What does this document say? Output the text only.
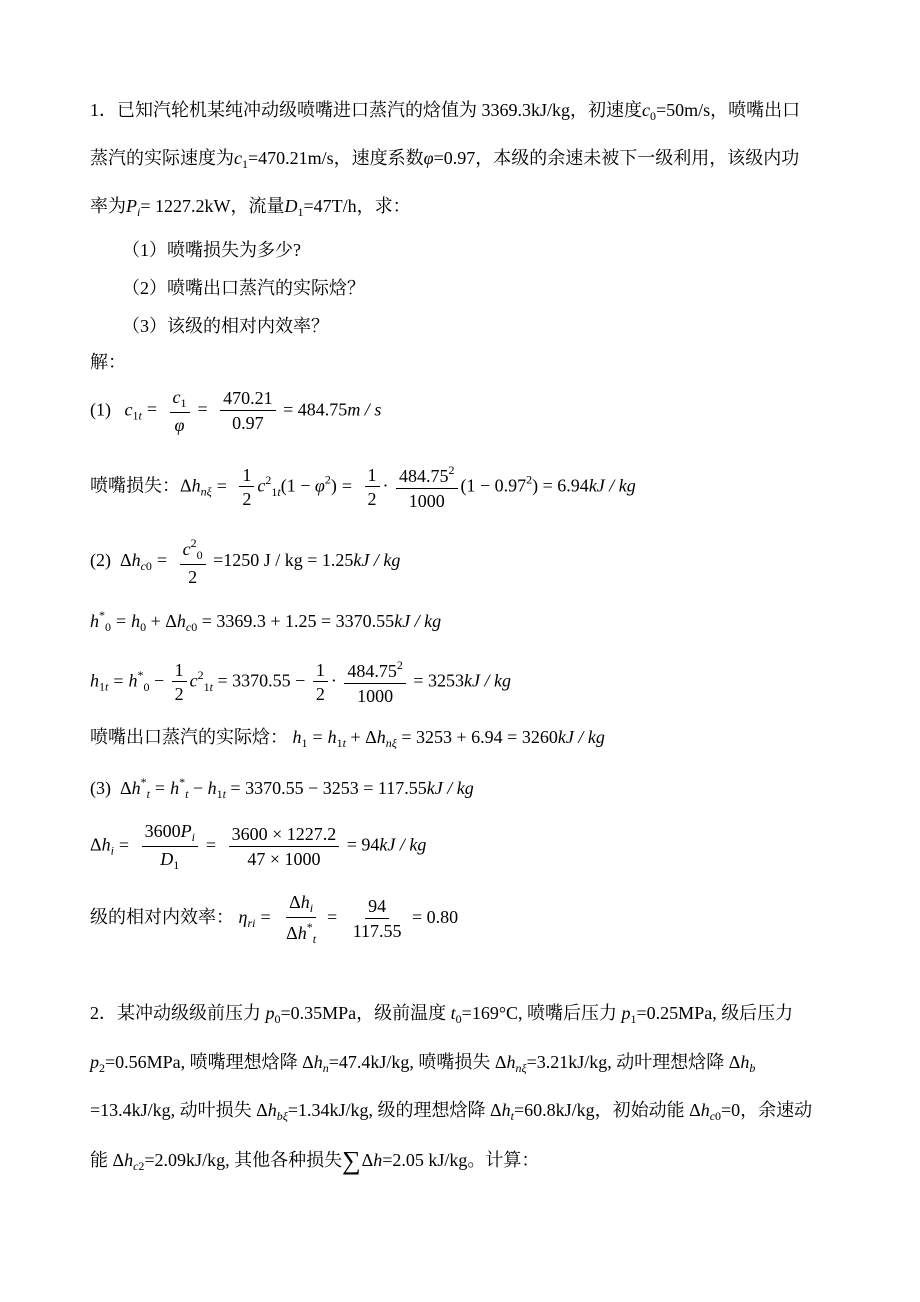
1．已知汽轮机某纯冲动级喷嘴进口蒸汽的焓值为 3369.3kJ/kg，初速度$c_0=50m/s$，喷嘴出口
蒸汽的实际速度为$c_1=470.21m/s$，速度系数φ=0.97，本级的余速未被下一级利用，该级内功
率为$P_i= 1227.2kW$，流量$D_1=47T/h$，求：
（1）喷嘴损失为多少?
（2）喷嘴出口蒸汽的实际焓？
（3）该级的相对内效率？
解：
(1) $c_{1t} = \frac{c_1}{\varphi} = \frac{470.21}{0.97} = 484.75m / s$
喷嘴损失：$\Delta h_{n\xi} = \frac{1}{2} c_{21t}(1 - \varphi^2) = \frac{1}{2} \cdot \frac{484.75^2}{1000} (1 - 0.97^2) = 6.94kJ$ / kg
(2)  $\Delta h_{c0} = \frac{c_{20}}{2} =1250$ J / kg = 1.25kJ / kg
$h_{*0} = h_0 + \Delta h_{c0} = 3369.3 + 1.25 = 3370.55kJ$ / kg
$h_{1t} = h_{*0} - \frac{1}{2} c_{21t} = 3370.55 - \frac{1}{2} \cdot \frac{484.75^2}{1000} = 3253kJ$ / kg
喷嘴出口蒸汽的实际焓： $h_1 = h_{1t} + \Delta h_{n\xi} = 3253 + 6.94 = 3260kJ$ / kg
(3)  $\Delta h_{*t} = h_{*t} - h_{1t} = 3370.55 - 3253 = 117.55kJ$ / kg
$\Delta h_i = \frac{3600P_i}{D_1} = \frac{3600 \times 1227.2}{47 \times 1000} = 94kJ$ / kg
级的相对内效率： $\eta_{ri} = \frac{\Delta h_i}{\Delta h_{*t}} = \frac{94}{117.55} = 0.80$
2．某冲动级级前压力 $p_0=0.35MPa$，级前温度 $t_0=169^\circ C$, 喷嘴后压力 $p_1=0.25MPa$, 级后压力
$p_2=0.56MPa$, 喷嘴理想焓降 $\Delta h_n=47.4kJ/kg$, 喷嘴损失 $\Delta h_{n\xi}=3.21kJ/kg$, 动叶理想焓降 $\Delta h_b$
=13.4kJ/kg, 动叶损失 $\Delta h_{b\xi}=1.34kJ/kg$, 级的理想焓降 $\Delta h_t=60.8kJ/kg$，初始动能 $\Delta h_{c0}=0$，余速动
能 $\Delta h_{c2}=2.09kJ/kg$, 其他各种损失∑Δh=2.05 kJ/kg。计算：
